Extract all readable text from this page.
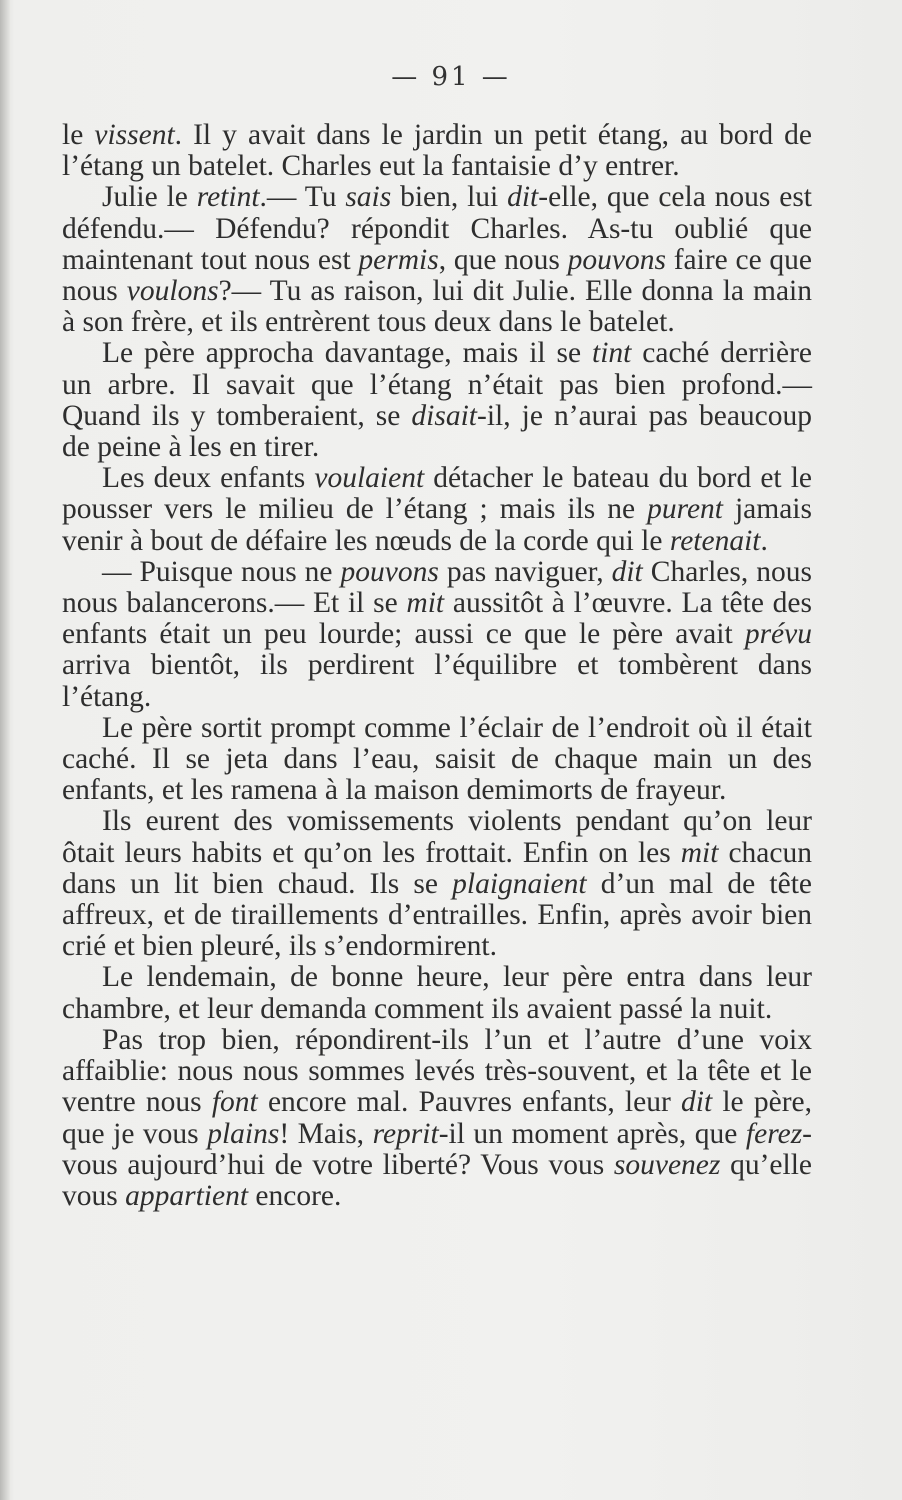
— 91 —

le vissent. Il y avait dans le jardin un petit étang, au bord de l’étang un batelet. Charles eut la fantaisie d’y entrer.

Julie le retint.— Tu sais bien, lui dit-elle, que cela nous est défendu.— Défendu? répondit Charles. As-tu oublié que maintenant tout nous est permis, que nous pouvons faire ce que nous voulons?— Tu as raison, lui dit Julie. Elle donna la main à son frère, et ils entrèrent tous deux dans le batelet.

Le père approcha davantage, mais il se tint caché derrière un arbre. Il savait que l’étang n’était pas bien profond.— Quand ils y tomberaient, se disait-il, je n’aurai pas beaucoup de peine à les en tirer.

Les deux enfants voulaient détacher le bateau du bord et le pousser vers le milieu de l’étang ; mais ils ne purent jamais venir à bout de défaire les nœuds de la corde qui le retenait.

— Puisque nous ne pouvons pas naviguer, dit Charles, nous nous balancerons.— Et il se mit aussitôt à l’œuvre. La tête des enfants était un peu lourde; aussi ce que le père avait prévu arriva bientôt, ils perdirent l’équilibre et tombèrent dans l’étang.

Le père sortit prompt comme l’éclair de l’endroit où il était caché. Il se jeta dans l’eau, saisit de chaque main un des enfants, et les ramena à la maison demimorts de frayeur.

Ils eurent des vomissements violents pendant qu’on leur ôtait leurs habits et qu’on les frottait. Enfin on les mit chacun dans un lit bien chaud. Ils se plaignaient d’un mal de tête affreux, et de tiraillements d’entrailles. Enfin, après avoir bien crié et bien pleuré, ils s’endormirent.

Le lendemain, de bonne heure, leur père entra dans leur chambre, et leur demanda comment ils avaient passé la nuit.

Pas trop bien, répondirent-ils l’un et l’autre d’une voix affaiblie: nous nous sommes levés très-souvent, et la tête et le ventre nous font encore mal. Pauvres enfants, leur dit le père, que je vous plains! Mais, reprit-il un moment après, que ferez-vous aujourd’hui de votre liberté? Vous vous souvenez qu’elle vous appartient encore.
